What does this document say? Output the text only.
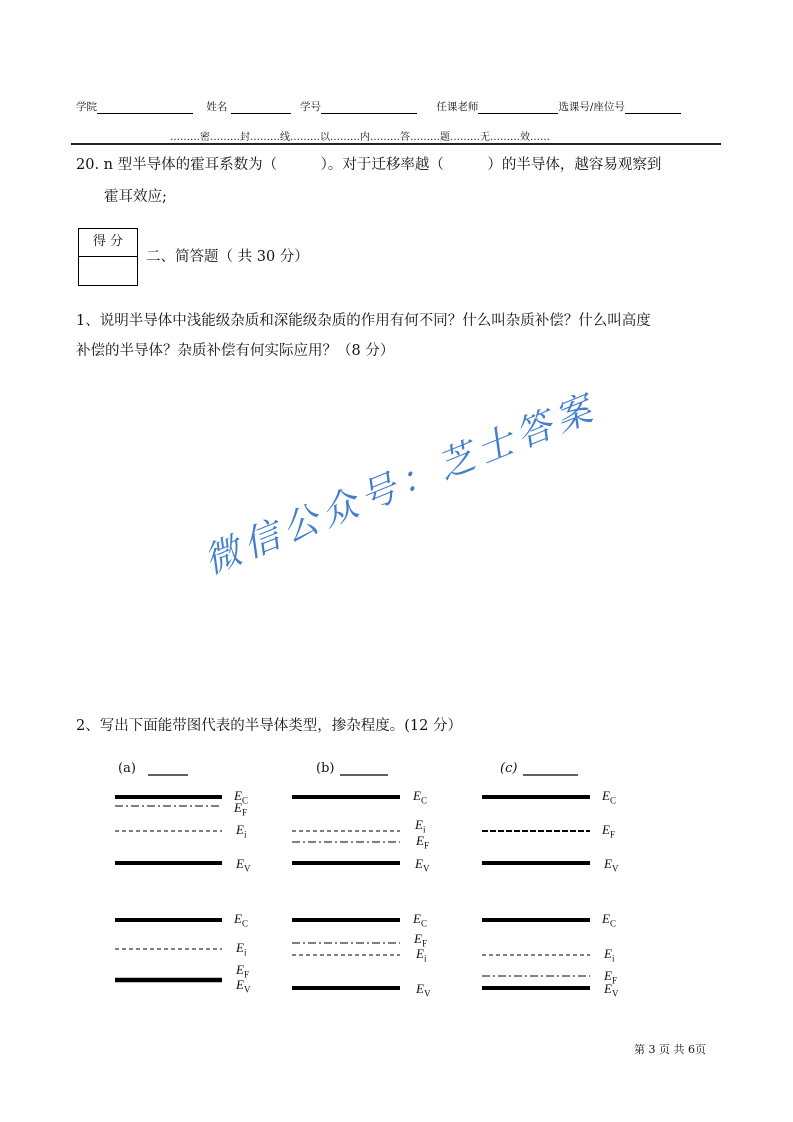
学院	姓名	学号	任课老师	选课号/座位号
………密………封………线………以………内………答………题………无………效……
20. n 型半导体的霍耳系数为（　　　）。对于迁移率越（　　　）的半导体，越容易观察到
霍耳效应;
得 分
二、简答题（ 共 30 分）
1、说明半导体中浅能级杂质和深能级杂质的作用有何不同？什么叫杂质补偿？什么叫高度
补偿的半导体？杂质补偿有何实际应用？（8 分）
微信公众号：芝士答案
2、写出下面能带图代表的半导体类型，掺杂程度。(12 分）
(a)	(b)	(c)
$E_C$
$E_F$
$E_i$
$E_V$
$E_C$
$E_i$
$E_F$
$E_V$
$E_C$
$E_F$
$E_V$
$E_C$
$E_i$
$E_F$
$E_V$
$E_C$
$E_F$
$E_i$
$E_V$
$E_C$
$E_i$
$E_F$
$E_V$
第 3 页 共 6页
